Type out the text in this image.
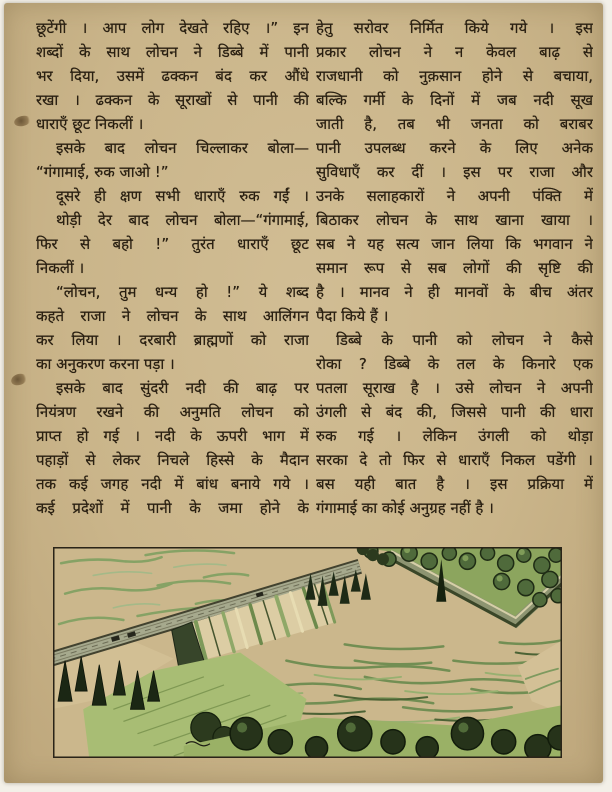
छूटेंगी । आप लोग देखते रहिए ।” इन
शब्दों के साथ लोचन ने डिब्बे में पानी
भर दिया, उसमें ढक्कन बंद कर औंधे
रखा । ढक्कन के सूराखों से पानी की
धाराएँ छूट निकलीं ।
इसके बाद लोचन चिल्लाकर बोला—
“गंगामाई, रुक जाओ !”
दूसरे ही क्षण सभी धाराएँ रुक गईं ।
थोड़ी देर बाद लोचन बोला—“गंगामाई,
फिर से बहो !” तुरंत धाराएँ छूट
निकलीं ।
“लोचन, तुम धन्य हो !” ये शब्द
कहते राजा ने लोचन के साथ आलिंगन
कर लिया । दरबारी ब्राह्मणों को राजा
का अनुकरण करना पड़ा ।
इसके बाद सुंदरी नदी की बाढ़ पर
नियंत्रण रखने की अनुमति लोचन को
प्राप्त हो गई । नदी के ऊपरी भाग में
पहाड़ों से लेकर निचले हिस्से के मैदान
तक कई जगह नदी में बांध बनाये गये ।
कई प्रदेशों में पानी के जमा होने के
हेतु सरोवर निर्मित किये गये । इस
प्रकार लोचन ने न केवल बाढ़ से
राजधानी को नुक़सान होने से बचाया,
बल्कि गर्मी के दिनों में जब नदी सूख
जाती है, तब भी जनता को बराबर
पानी उपलब्ध करने के लिए अनेक
सुविधाएँ कर दीं । इस पर राजा और
उनके सलाहकारों ने अपनी पंक्ति में
बिठाकर लोचन के साथ खाना खाया ।
सब ने यह सत्य जान लिया कि भगवान ने
समान रूप से सब लोगों की सृष्टि की
है । मानव ने ही मानवों के बीच अंतर
पैदा किये हैं ।
डिब्बे के पानी को लोचन ने कैसे
रोका ? डिब्बे के तल के किनारे एक
पतला सूराख है । उसे लोचन ने अपनी
उंगली से बंद की, जिससे पानी की धारा
रुक गई । लेकिन उंगली को थोड़ा
सरका दे तो फिर से धाराएँ निकल पडेंगी ।
बस यही बात है । इस प्रक्रिया में
गंगामाई का कोई अनुग्रह नहीं है ।
